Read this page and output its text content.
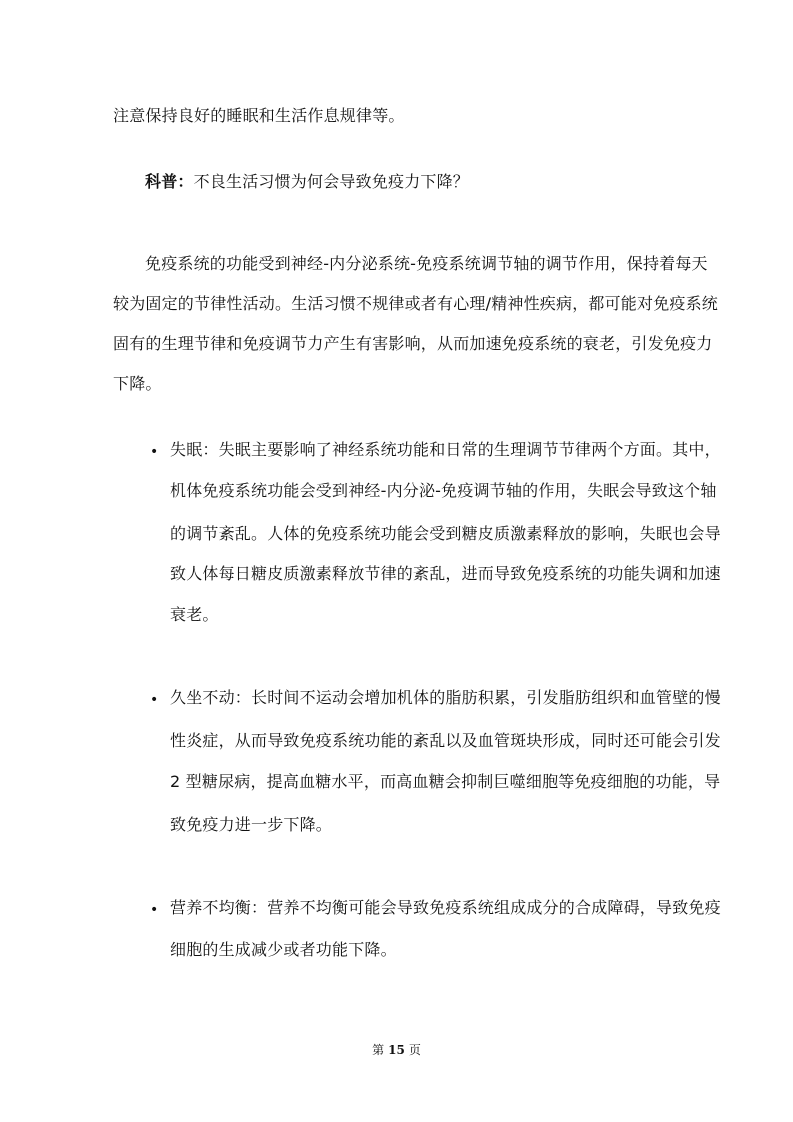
注意保持良好的睡眠和生活作息规律等。
科普：不良生活习惯为何会导致免疫力下降？
免疫系统的功能受到神经-内分泌系统-免疫系统调节轴的调节作用，保持着每天
较为固定的节律性活动。生活习惯不规律或者有心理/精神性疾病，都可能对免疫系统
固有的生理节律和免疫调节力产生有害影响，从而加速免疫系统的衰老，引发免疫力
下降。
• 失眠：失眠主要影响了神经系统功能和日常的生理调节节律两个方面。其中，
机体免疫系统功能会受到神经-内分泌-免疫调节轴的作用，失眠会导致这个轴
的调节紊乱。人体的免疫系统功能会受到糖皮质激素释放的影响，失眠也会导
致人体每日糖皮质激素释放节律的紊乱，进而导致免疫系统的功能失调和加速
衰老。
• 久坐不动：长时间不运动会增加机体的脂肪积累，引发脂肪组织和血管壁的慢
性炎症，从而导致免疫系统功能的紊乱以及血管斑块形成，同时还可能会引发
2 型糖尿病，提高血糖水平，而高血糖会抑制巨噬细胞等免疫细胞的功能，导
致免疫力进一步下降。
• 营养不均衡：营养不均衡可能会导致免疫系统组成成分的合成障碍，导致免疫
细胞的生成减少或者功能下降。
第 15 页
